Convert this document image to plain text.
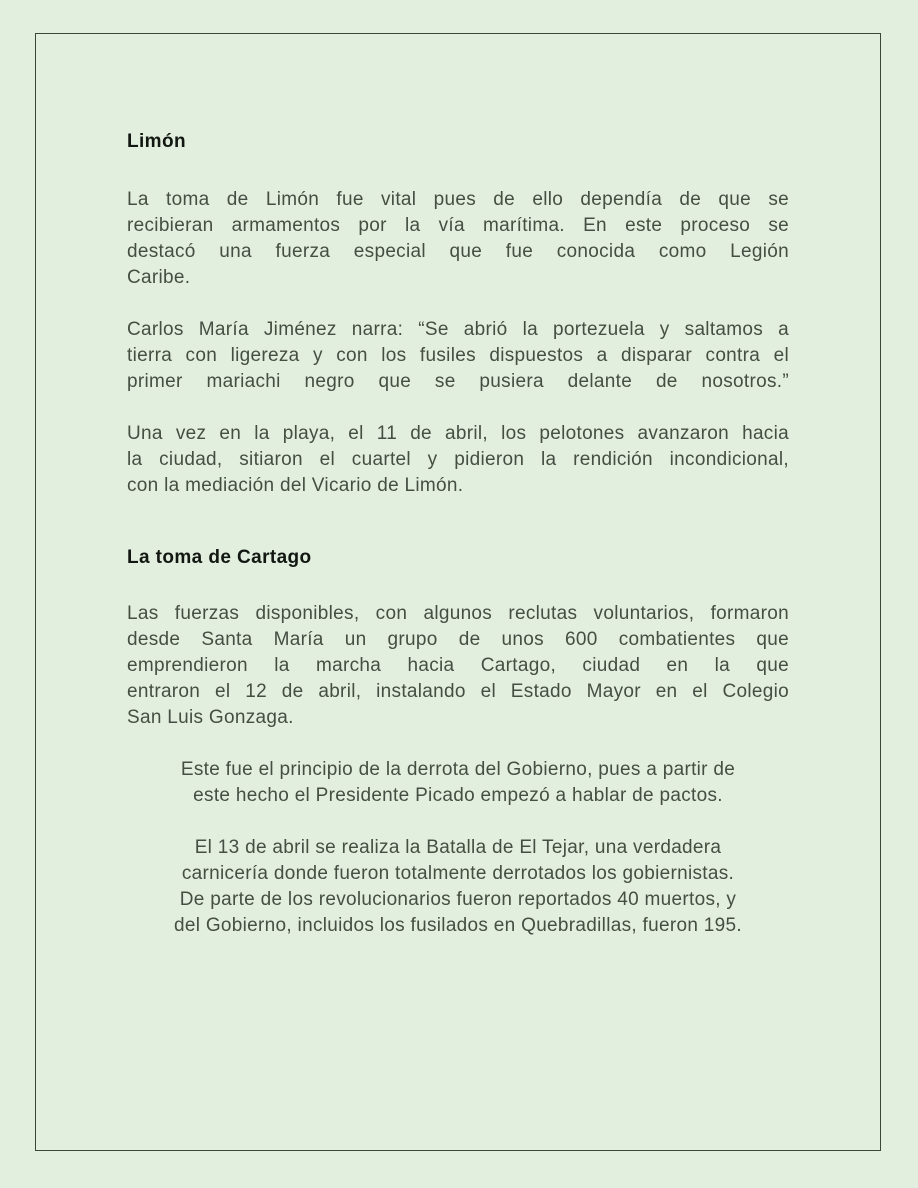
Limón

La toma de Limón fue vital pues de ello dependía de que se
recibieran armamentos por la vía marítima. En este proceso se
destacó una fuerza especial que fue conocida como Legión
Caribe.

Carlos María Jiménez narra: “Se abrió la portezuela y saltamos a
tierra con ligereza y con los fusiles dispuestos a disparar contra el
primer mariachi negro que se pusiera delante de nosotros.”

Una vez en la playa, el 11 de abril, los pelotones avanzaron hacia
la ciudad, sitiaron el cuartel y pidieron la rendición incondicional,
con la mediación del Vicario de Limón.

La toma de Cartago

Las fuerzas disponibles, con algunos reclutas voluntarios, formaron
desde Santa María un grupo de unos 600 combatientes que
emprendieron la marcha hacia Cartago, ciudad en la que
entraron el 12 de abril, instalando el Estado Mayor en el Colegio
San Luis Gonzaga.

Este fue el principio de la derrota del Gobierno, pues a partir de
este hecho el Presidente Picado empezó a hablar de pactos.

El 13 de abril se realiza la Batalla de El Tejar, una verdadera
carnicería donde fueron totalmente derrotados los gobiernistas.
De parte de los revolucionarios fueron reportados 40 muertos, y
del Gobierno, incluidos los fusilados en Quebradillas, fueron 195.
